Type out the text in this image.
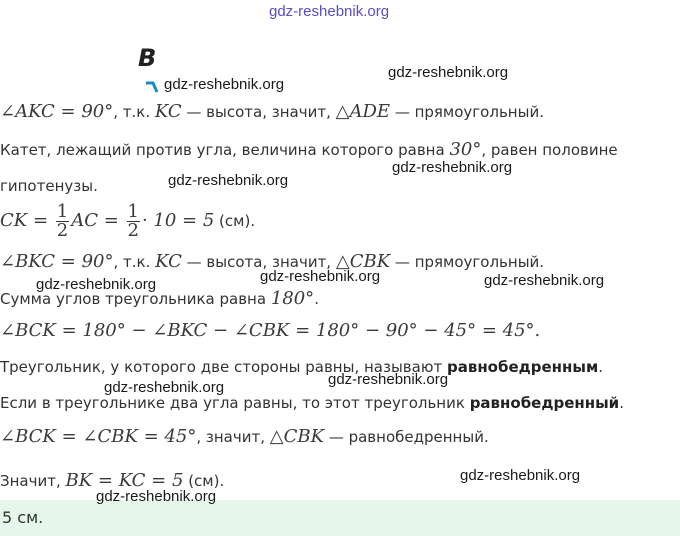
gdz-reshebnik.org
B
∠AKC = 90°, т.к. KC — высота, значит, △ADE — прямоугольный.
Катет, лежащий против угла, величина которого равна 30°, равен половине
гипотенузы.
CK = $\frac{1}{2}$ AC = $\frac{1}{2} \cdot 10 = 5$ (см).
∠BKC = 90°, т.к. KC — высота, значит, △CBK — прямоугольный.
Сумма углов треугольника равна 180°.
∠BCK = 180° − ∠BKC − ∠CBK = 180° − 90° − 45° = 45°.
Треугольник, у которого две стороны равны, называют равнобедренным.
Если в треугольнике два угла равны, то этот треугольник равнобедренный.
∠BCK = ∠CBK = 45°, значит, △CBK — равнобедренный.
Значит, BK = KC = 5 (см).
5 см.
gdz-reshebnik.org
gdz-reshebnik.org
gdz-reshebnik.org
gdz-reshebnik.org
gdz-reshebnik.org	gdz-reshebnik.org	gdz-reshebnik.org
gdz-reshebnik.org	gdz-reshebnik.org
gdz-reshebnik.org
gdz-reshebnik.org
